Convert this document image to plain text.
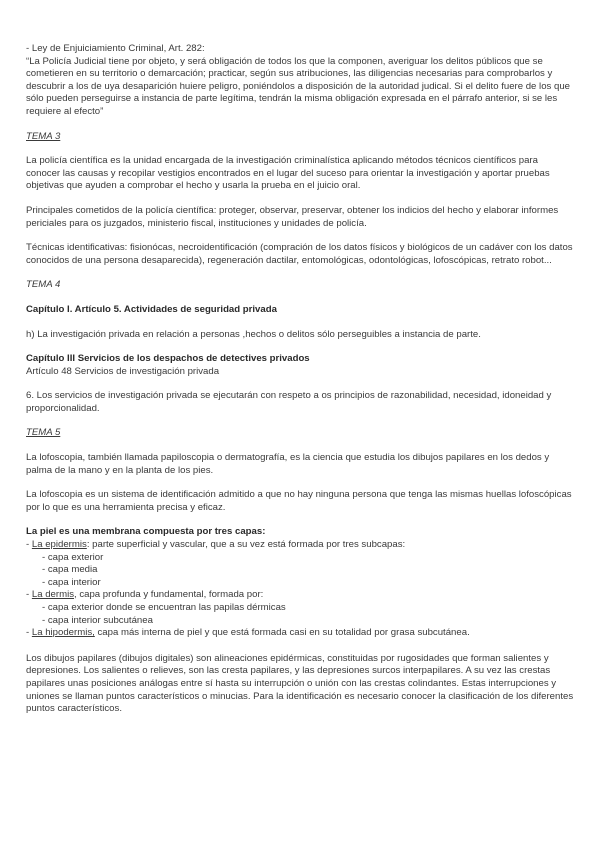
- Ley de Enjuiciamiento Criminal, Art. 282:

“La Policía Judicial tiene por objeto, y será obligación de todos los que la componen, averiguar los delitos públicos que se cometieren en su territorio o demarcación; practicar, según sus atribuciones, las diligencias necesarias para comprobarlos y descubrir a los de uya desaparición huiere peligro, poniéndolos a disposición de la autoridad judical. Si el delito fuere de los que sólo pueden perseguirse a instancia de parte legítima, tendrán la misma obligación expresada en el párrafo anterior, si se les requiere al efecto”

TEMA 3

La policía científica es la unidad encargada de la investigación criminalística aplicando métodos técnicos científicos para conocer las causas y recopilar vestigios encontrados en el lugar del suceso para orientar la investigación y aportar pruebas objetivas que ayuden a comprobar el hecho y usarla la prueba en el juicio oral.

Principales cometidos de la policía científica: proteger, observar, preservar, obtener los indicios del hecho y elaborar informes periciales para os juzgados, ministerio fiscal, instituciones y unidades de policía.

Técnicas identificativas: fisionócas, necroidentificación (compración de los datos físicos y biológicos de un cadáver con los datos conocidos de una persona desaparecida), regeneración dactilar, entomológicas, odontológicas, lofoscópicas, retrato robot...

TEMA 4

Capítulo I. Artículo 5. Actividades de seguridad privada

h) La investigación privada en relación a personas ,hechos o delitos sólo perseguibles a instancia de parte.

Capítulo III Servicios de los despachos de detectives privados

Artículo 48 Servicios de investigación privada

6. Los servicios de investigación privada se ejecutarán con respeto a os principios de razonabilidad, necesidad, idoneidad y proporcionalidad.

TEMA 5

La lofoscopia, también llamada papiloscopia o dermatografía, es la ciencia que estudia los dibujos papilares en los dedos y palma de la mano y en la planta de los pies.

La lofoscopia es un sistema de identificación admitido a que no hay ninguna persona que tenga las mismas huellas lofoscópicas por lo que es una herramienta precisa y eficaz.

La piel es una membrana compuesta por tres capas:

- La epidermis: parte superficial y vascular, que a su vez está formada por tres subcapas:

- capa exterior

- capa media

- capa interior

- La dermis, capa profunda y fundamental, formada por:

- capa exterior donde se encuentran las papilas dérmicas

- capa interior subcutánea

- La hipodermis, capa más interna de piel y que está formada casi en su totalidad por grasa subcutánea.

Los dibujos papilares (dibujos digitales) son alineaciones epidérmicas, constituidas por rugosidades que forman salientes y depresiones. Los salientes o relieves, son las cresta papilares, y las depresiones surcos interpapilares. A su vez las crestas papilares unas posiciones análogas entre sí hasta su interrupción o unión con las crestas colindantes. Estas interrupciones y uniones se llaman puntos característicos o minucias. Para la identificación es necesario conocer la clasificación de los diferentes puntos característicos.
